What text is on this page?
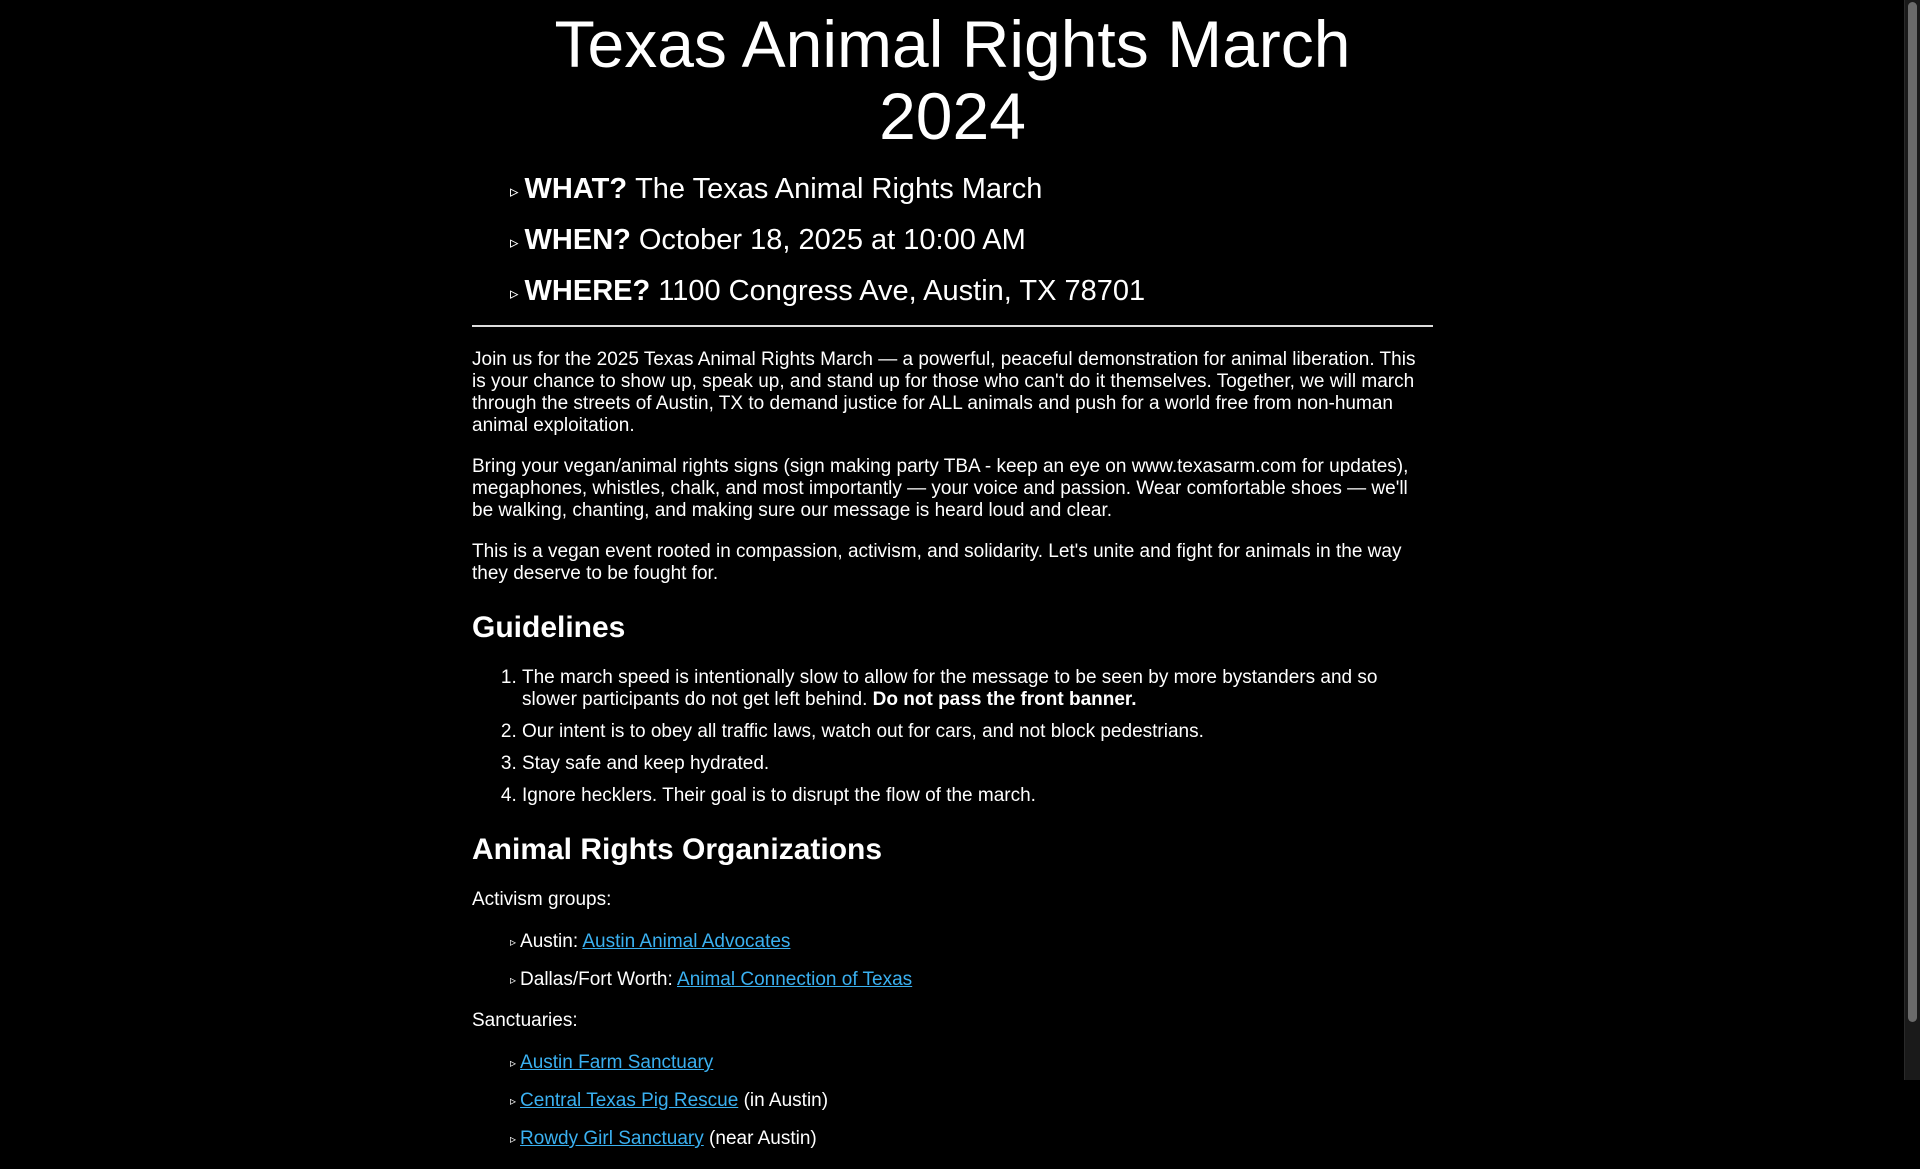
Texas Animal Rights March 2024
▹ WHAT? The Texas Animal Rights March
▹ WHEN? October 18, 2025 at 10:00 AM
▹ WHERE? 1100 Congress Ave, Austin, TX 78701

Join us for the 2025 Texas Animal Rights March — a powerful, peaceful demonstration for animal liberation. This is your chance to show up, speak up, and stand up for those who can't do it themselves. Together, we will march through the streets of Austin, TX to demand justice for ALL animals and push for a world free from non-human animal exploitation.

Bring your vegan/animal rights signs (sign making party TBA - keep an eye on www.texasarm.com for updates), megaphones, whistles, chalk, and most importantly — your voice and passion. Wear comfortable shoes — we'll be walking, chanting, and making sure our message is heard loud and clear.

This is a vegan event rooted in compassion, activism, and solidarity. Let's unite and fight for animals in the way they deserve to be fought for.

Guidelines
1. The march speed is intentionally slow to allow for the message to be seen by more bystanders and so slower participants do not get left behind. Do not pass the front banner.
2. Our intent is to obey all traffic laws, watch out for cars, and not block pedestrians.
3. Stay safe and keep hydrated.
4. Ignore hecklers. Their goal is to disrupt the flow of the march.
Animal Rights Organizations

Activism groups:

▹ Austin: Austin Animal Advocates
▹ Dallas/Fort Worth: Animal Connection of Texas

Sanctuaries:

▹ Austin Farm Sanctuary
▹ Central Texas Pig Rescue (in Austin)
▹ Rowdy Girl Sanctuary (near Austin)
